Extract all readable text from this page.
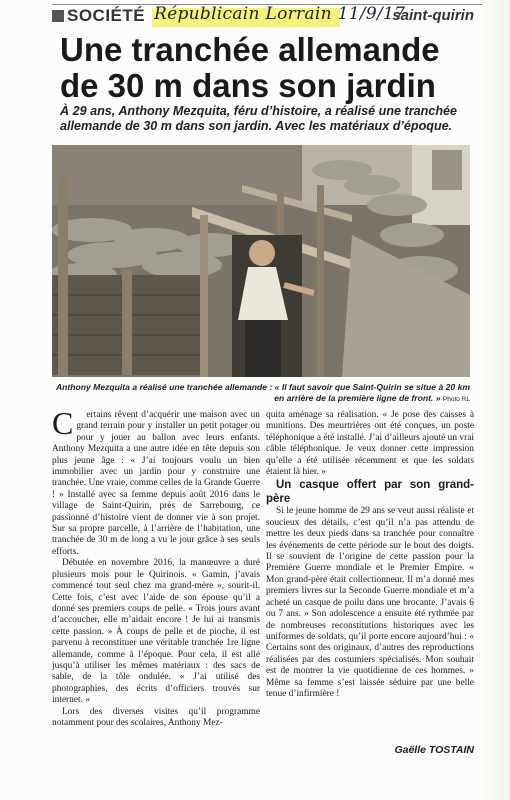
SOCIÉTÉ Républicain Lorrain 11/9/17
saint-quirin
Une tranchée allemande de 30 m dans son jardin
À 29 ans, Anthony Mezquita, féru d’histoire, a réalisé une tranchée allemande de 30 m dans son jardin. Avec les matériaux d’époque.
Anthony Mezquita a réalisé une tranchée allemande : « Il faut savoir que Saint-Quirin se situe à 20 km en arrière de la première ligne de front. » Photo RL

C ertains rêvent d’acquérir une maison avec un grand terrain pour y installer un petit potager ou pour y jouer au ballon avec leurs enfants. Anthony Mezquita a une autre idée en tête depuis son plus jeune âge : « J’ai toujours voulu un bien immobilier avec un jardin pour y construire une tranchée. Une vraie, comme celles de la Grande Guerre ! » Installé avec sa femme depuis août 2016 dans le village de Saint-Quirin, près de Sarrebourg, ce passionné d’histoire vient de donner vie à son projet. Sur sa propre parcelle, à l’arrière de l’habitation, une tranchée de 30 m de long a vu le jour grâce à ses seuls efforts.

Débutée en novembre 2016, la manœuvre a duré plusieurs mois pour le Quirinois. « Gamin, j’avais commencé tout seul chez ma grand-mère », sourit-il. Cette fois, c’est avec l’aide de son épouse qu’il a donné ses premiers coups de pelle. « Trois jours avant d’accoucher, elle m’aidait encore ! Je lui ai transmis cette passion. » À coups de pelle et de pioche, il est parvenu à reconstituer une véritable tranchée 1re ligne allemande, comme à l’époque. Pour cela, il est allé jusqu’à utiliser les mêmes matériaux : des sacs de sable, de la tôle ondulée. « J’ai utilisé des photographies, des écrits d’officiers trouvés sur internet. »

Lors des diverses visites qu’il programme notamment pour des scolaires, Anthony Mez-

quita aménage sa réalisation. « Je pose des caisses à munitions. Des meurtrières ont été conçues, un poste téléphonique a été installé. J’ai d’ailleurs ajouté un vrai câble téléphonique. Je veux donner cette impression qu’elle a été utilisée récemment et que les soldats étaient là hier. »

Un casque offert par son grand-père

Si le jeune homme de 29 ans se veut aussi réaliste et soucieux des détails, c’est qu’il n’a pas attendu de mettre les deux pieds dans sa tranchée pour connaître les événements de cette période sur le bout des doigts. Il se souvient de l’origine de cette passion pour la Première Guerre mondiale et le Premier Empire. « Mon grand-père était collectionneur. Il m’a donné mes premiers livres sur la Seconde Guerre mondiale et m’a acheté un casque de poilu dans une brocante. J’avais 6 ou 7 ans. » Son adolescence a ensuite été rythmée par de nombreuses reconstitutions historiques avec les uniformes de soldats, qu’il porte encore aujourd’hui : « Certains sont des originaux, d’autres des reproductions réalisées par des costumiers spécialisés. Mon souhait est de montrer la vie quotidienne de ces hommes. » Même sa femme s’est laissée séduire par une belle tenue d’infirmière !

Gaëlle TOSTAIN
